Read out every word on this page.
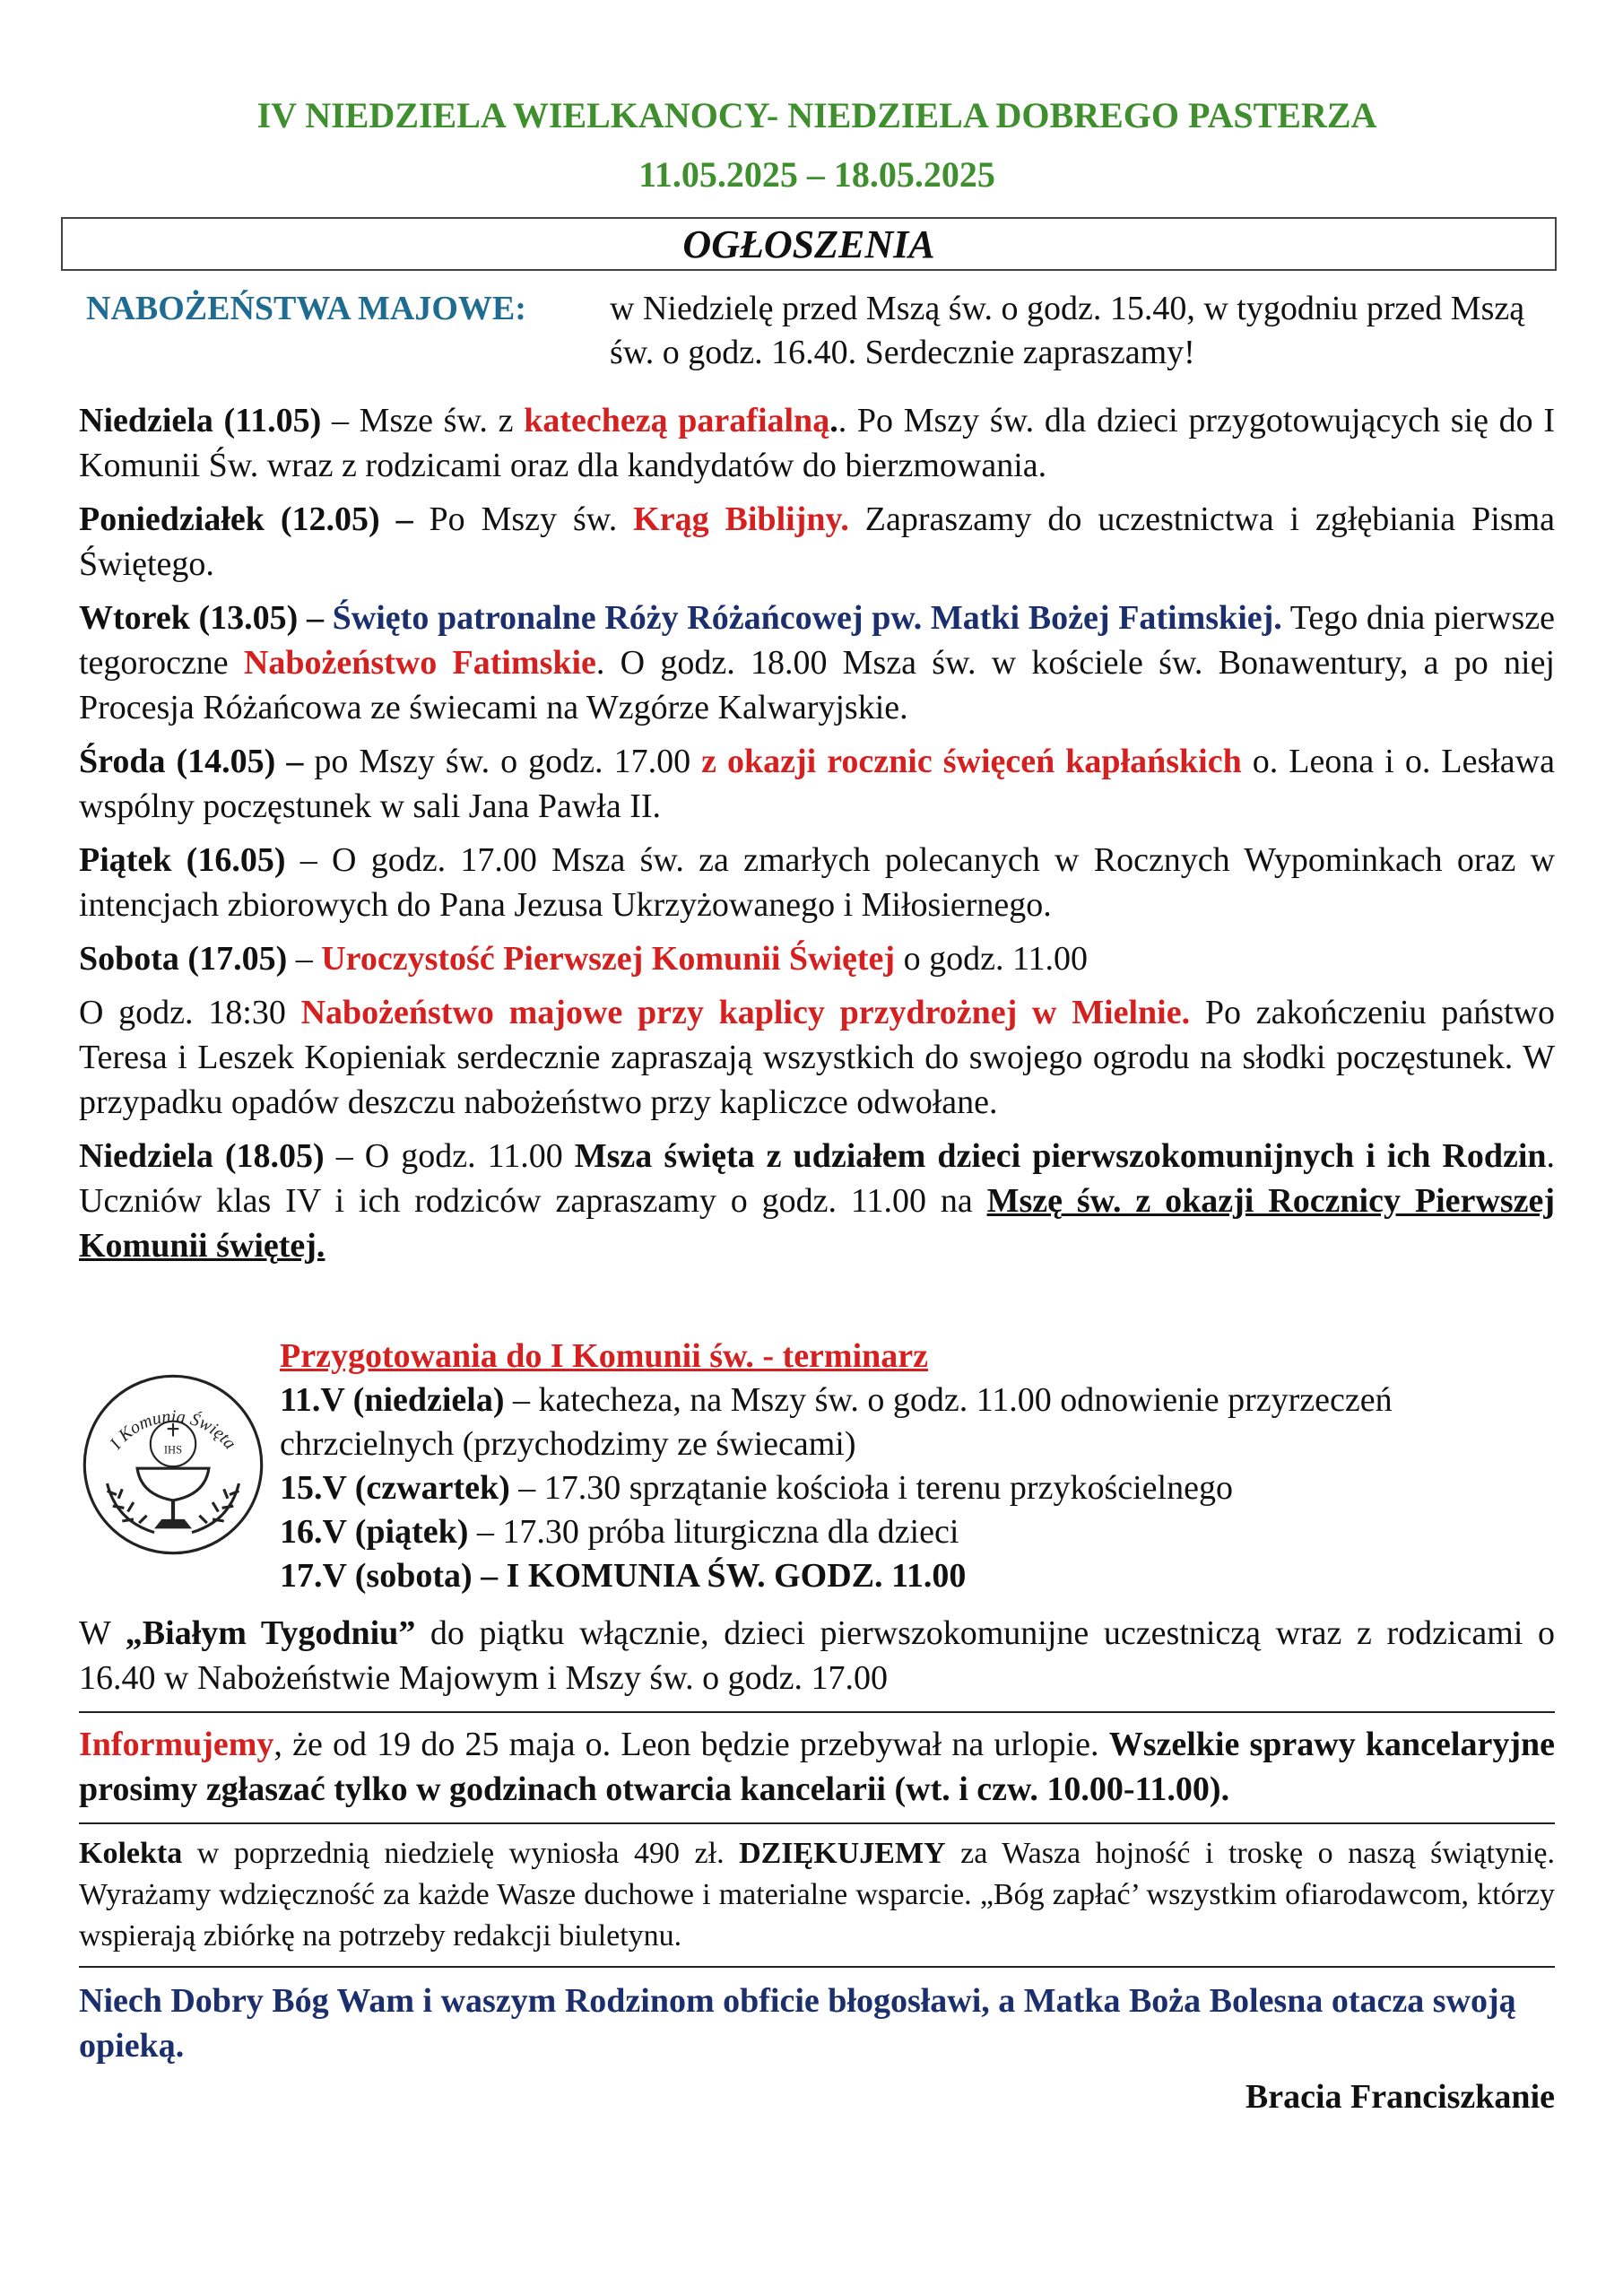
IV NIEDZIELA WIELKANOCY- NIEDZIELA DOBREGO PASTERZA
11.05.2025 – 18.05.2025
OGŁOSZENIA
NABOŻEŃSTWA MAJOWE:	w Niedzielę przed Mszą św. o godz. 15.40, w tygodniu przed Mszą św. o godz. 16.40. Serdecznie zapraszamy!

Niedziela (11.05) – Msze św. z katechezą parafialną.. Po Mszy św. dla dzieci przygotowujących się do I Komunii Św. wraz z rodzicami oraz dla kandydatów do bierzmowania.

Poniedziałek (12.05) – Po Mszy św. Krąg Biblijny. Zapraszamy do uczestnictwa i zgłębiania Pisma Świętego.

Wtorek (13.05) – Święto patronalne Róży Różańcowej pw. Matki Bożej Fatimskiej. Tego dnia pierwsze tegoroczne Nabożeństwo Fatimskie. O godz. 18.00 Msza św. w kościele św. Bonawentury, a po niej Procesja Różańcowa ze świecami na Wzgórze Kalwaryjskie.

Środa (14.05) – po Mszy św. o godz. 17.00 z okazji rocznic święceń kapłańskich o. Leona i o. Lesława wspólny poczęstunek w sali Jana Pawła II.

Piątek (16.05) – O godz. 17.00 Msza św. za zmarłych polecanych w Rocznych Wypominkach oraz w intencjach zbiorowych do Pana Jezusa Ukrzyżowanego i Miłosiernego.

Sobota (17.05) – Uroczystość Pierwszej Komunii Świętej o godz. 11.00

O godz. 18:30 Nabożeństwo majowe przy kaplicy przydrożnej w Mielnie. Po zakończeniu państwo Teresa i Leszek Kopieniak serdecznie zapraszają wszystkich do swojego ogrodu na słodki poczęstunek. W przypadku opadów deszczu nabożeństwo przy kapliczce odwołane.

Niedziela (18.05) – O godz. 11.00 Msza święta z udziałem dzieci pierwszokomunijnych i ich Rodzin. Uczniów klas IV i ich rodziców zapraszamy o godz. 11.00 na Mszę św. z okazji Rocznicy Pierwszej Komunii świętej.

I Komunia Święta
IHS
Przygotowania do I Komunii św. - terminarz
11.V (niedziela) – katecheza, na Mszy św. o godz. 11.00 odnowienie przyrzeczeń chrzcielnych (przychodzimy ze świecami)
15.V (czwartek) – 17.30 sprzątanie kościoła i terenu przykościelnego
16.V (piątek) – 17.30 próba liturgiczna dla dzieci
17.V (sobota) – I KOMUNIA ŚW. GODZ. 11.00

W „Białym Tygodniu” do piątku włącznie, dzieci pierwszokomunijne uczestniczą wraz z rodzicami o 16.40 w Nabożeństwie Majowym i Mszy św. o godz. 17.00

Informujemy, że od 19 do 25 maja o. Leon będzie przebywał na urlopie. Wszelkie sprawy kancelaryjne prosimy zgłaszać tylko w godzinach otwarcia kancelarii (wt. i czw. 10.00-11.00).

Kolekta w poprzednią niedzielę wyniosła 490 zł. DZIĘKUJEMY za Wasza hojność i troskę o naszą świątynię. Wyrażamy wdzięczność za każde Wasze duchowe i materialne wsparcie. „Bóg zapłać’ wszystkim ofiarodawcom, którzy wspierają zbiórkę na potrzeby redakcji biuletynu.

Niech Dobry Bóg Wam i waszym Rodzinom obficie błogosławi, a Matka Boża Bolesna otacza swoją opieką.

Bracia Franciszkanie
